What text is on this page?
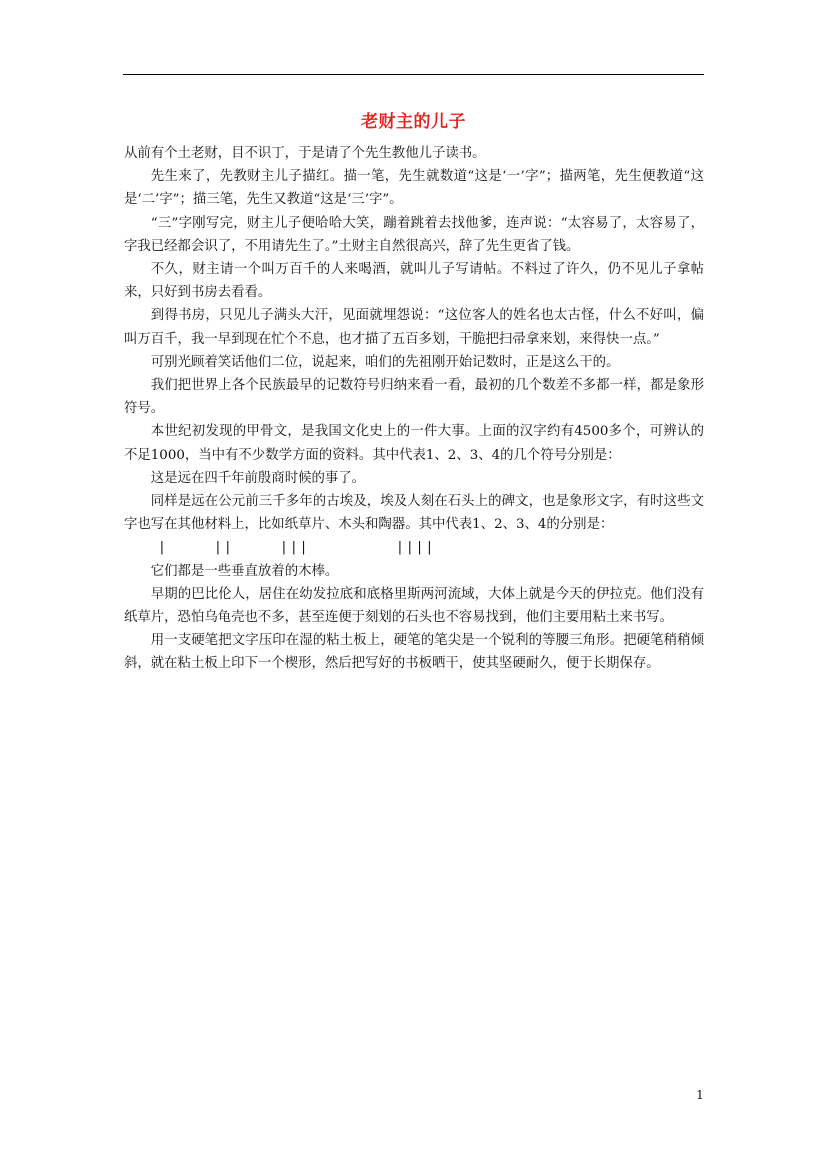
老财主的儿子

从前有个土老财，目不识丁，于是请了个先生教他儿子读书。

先生来了，先教财主儿子描红。描一笔，先生就数道“这是‘一’字”；描两笔，先生便教道“这是‘二’字”；描三笔，先生又教道“这是‘三’字”。

“三”字刚写完，财主儿子便哈哈大笑，蹦着跳着去找他爹，连声说：“太容易了，太容易了，字我已经都会识了，不用请先生了。”土财主自然很高兴，辞了先生更省了钱。

不久，财主请一个叫万百千的人来喝酒，就叫儿子写请帖。不料过了许久，仍不见儿子拿帖来，只好到书房去看看。

到得书房，只见儿子满头大汗，见面就埋怨说：“这位客人的姓名也太古怪，什么不好叫，偏叫万百千，我一早到现在忙个不息，也才描了五百多划，干脆把扫帚拿来划，来得快一点。”

可别光顾着笑话他们二位，说起来，咱们的先祖刚开始记数时，正是这么干的。

我们把世界上各个民族最早的记数符号归纳来看一看，最初的几个数差不多都一样，都是象形符号。

本世纪初发现的甲骨文，是我国文化史上的一件大事。上面的汉字约有4500多个，可辨认的不足1000，当中有不少数学方面的资料。其中代表1、2、3、4的几个符号分别是：

这是远在四千年前殷商时候的事了。

同样是远在公元前三千多年的古埃及，埃及人刻在石头上的碑文，也是象形文字，有时这些文字也写在其他材料上，比如纸草片、木头和陶器。其中代表1、2、3、4的分别是：

|	||	|||	||||

它们都是一些垂直放着的木棒。

早期的巴比伦人，居住在幼发拉底和底格里斯两河流域，大体上就是今天的伊拉克。他们没有纸草片，恐怕乌龟壳也不多，甚至连便于刻划的石头也不容易找到，他们主要用粘土来书写。

用一支硬笔把文字压印在湿的粘土板上，硬笔的笔尖是一个锐利的等腰三角形。把硬笔稍稍倾斜，就在粘土板上印下一个楔形，然后把写好的书板晒干，使其坚硬耐久，便于长期保存。

1
